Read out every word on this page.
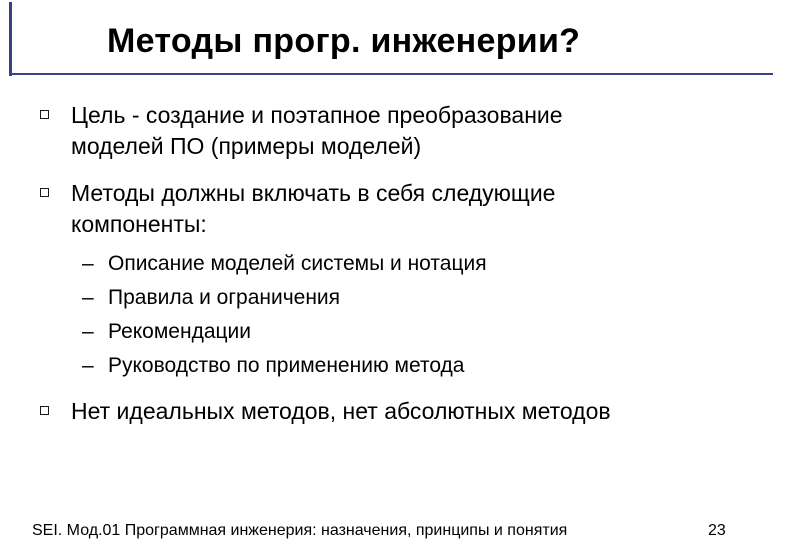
Методы прогр. инженерии?
Цель - создание и поэтапное преобразование
моделей ПО (примеры моделей)
Методы должны включать в себя следующие
компоненты:
– Описание моделей системы и нотация
– Правила и ограничения
– Рекомендации
– Руководство по применению метода
Нет идеальных методов, нет абсолютных методов
SEI. Мод.01 Программная инженерия: назначения, принципы и понятия	23
